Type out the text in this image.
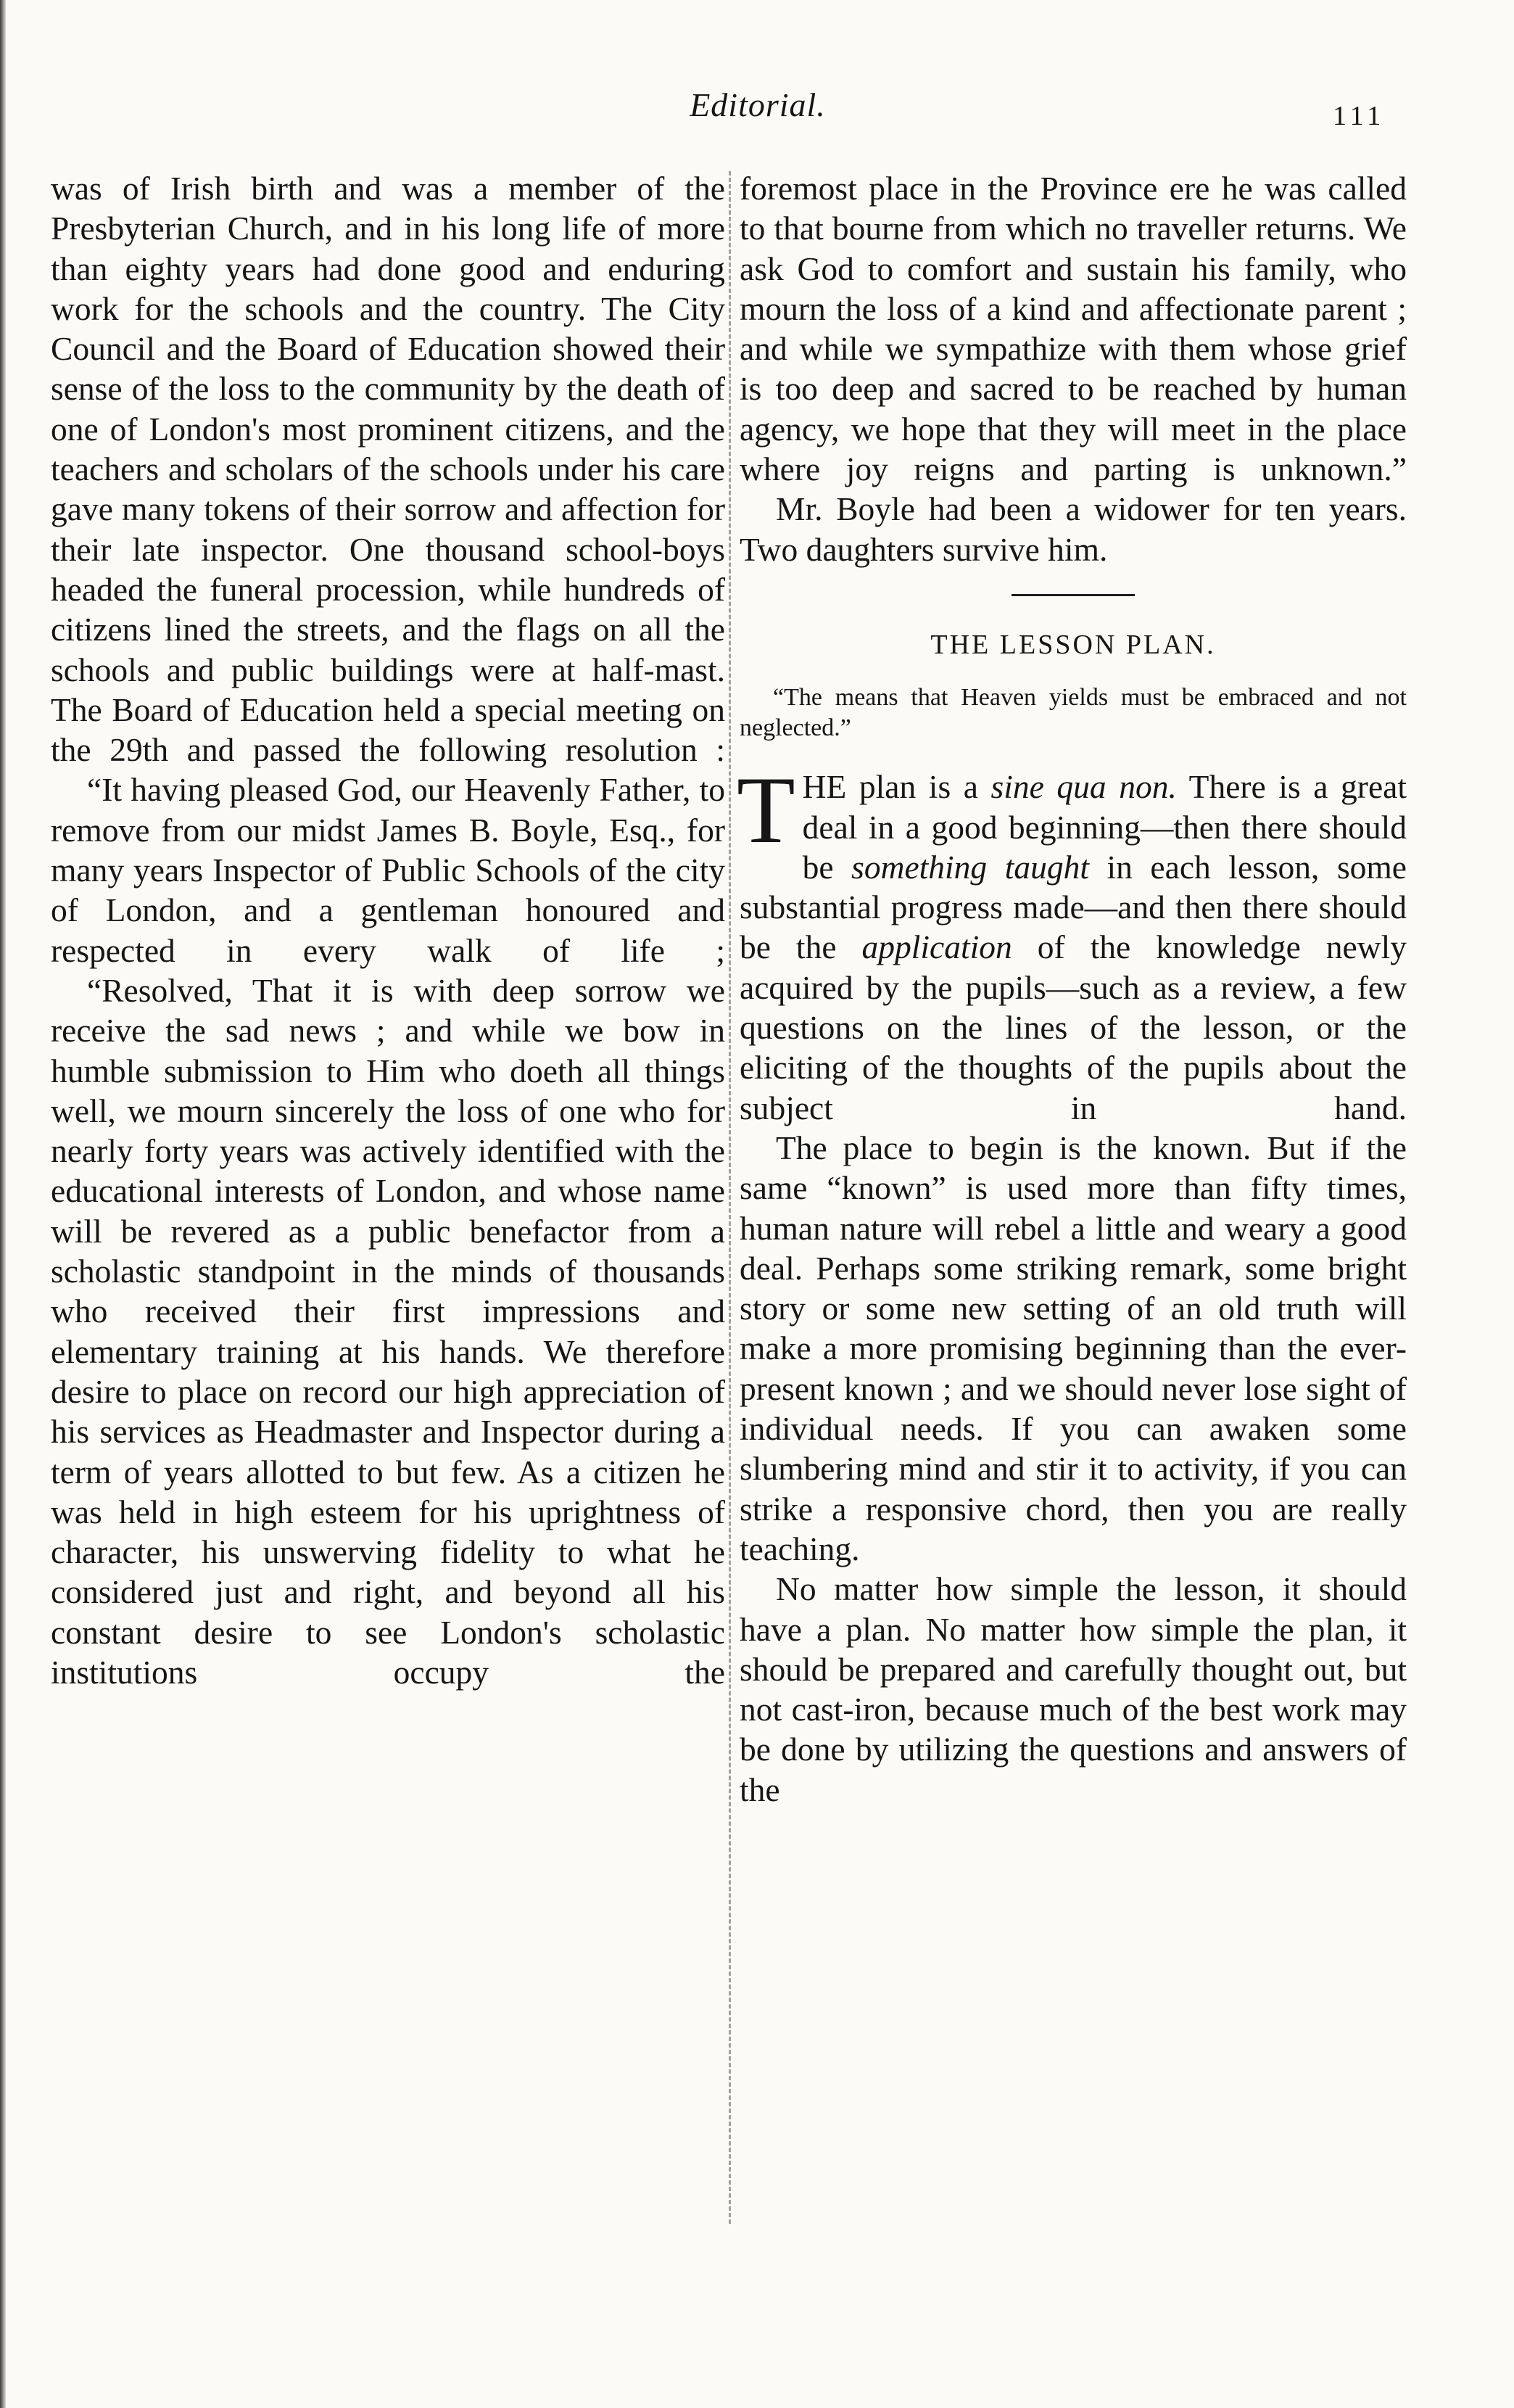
Editorial.	111

was of Irish birth and was a member of the Presbyterian Church, and in his long life of more than eighty years had done good and enduring work for the schools and the country. The City Council and the Board of Education showed their sense of the loss to the community by the death of one of London's most prominent citizens, and the teachers and scholars of the schools under his care gave many tokens of their sorrow and affection for their late inspector. One thousand school-boys headed the funeral procession, while hundreds of citizens lined the streets, and the flags on all the schools and public buildings were at half-mast. The Board of Education held a special meeting on the 29th and passed the following resolution :

“It having pleased God, our Heavenly Father, to remove from our midst James B. Boyle, Esq., for many years Inspector of Public Schools of the city of London, and a gentleman honoured and respected in every walk of life ;

“Resolved, That it is with deep sorrow we receive the sad news ; and while we bow in humble submission to Him who doeth all things well, we mourn sincerely the loss of one who for nearly forty years was actively identified with the educational interests of London, and whose name will be revered as a public benefactor from a scholastic standpoint in the minds of thousands who received their first impressions and elementary training at his hands. We therefore desire to place on record our high appreciation of his services as Headmaster and Inspector during a term of years allotted to but few. As a citizen he was held in high esteem for his uprightness of character, his unswerving fidelity to what he considered just and right, and beyond all his constant desire to see London's scholastic institutions occupy the

foremost place in the Province ere he was called to that bourne from which no traveller returns. We ask God to comfort and sustain his family, who mourn the loss of a kind and affectionate parent ; and while we sympathize with them whose grief is too deep and sacred to be reached by human agency, we hope that they will meet in the place where joy reigns and parting is unknown.”

Mr. Boyle had been a widower for ten years. Two daughters survive him.

THE LESSON PLAN.
“The means that Heaven yields must be embraced and not neglected.”

THE plan is a sine qua non. There is a great deal in a good beginning—then there should be something taught in each lesson, some substantial progress made—and then there should be the application of the knowledge newly acquired by the pupils—such as a review, a few questions on the lines of the lesson, or the eliciting of the thoughts of the pupils about the subject in hand.

The place to begin is the known. But if the same “known” is used more than fifty times, human nature will rebel a little and weary a good deal. Perhaps some striking remark, some bright story or some new setting of an old truth will make a more promising beginning than the ever-present known ; and we should never lose sight of individual needs. If you can awaken some slumbering mind and stir it to activity, if you can strike a responsive chord, then you are really teaching.

No matter how simple the lesson, it should have a plan. No matter how simple the plan, it should be prepared and carefully thought out, but not cast-iron, because much of the best work may be done by utilizing the questions and answers of the
